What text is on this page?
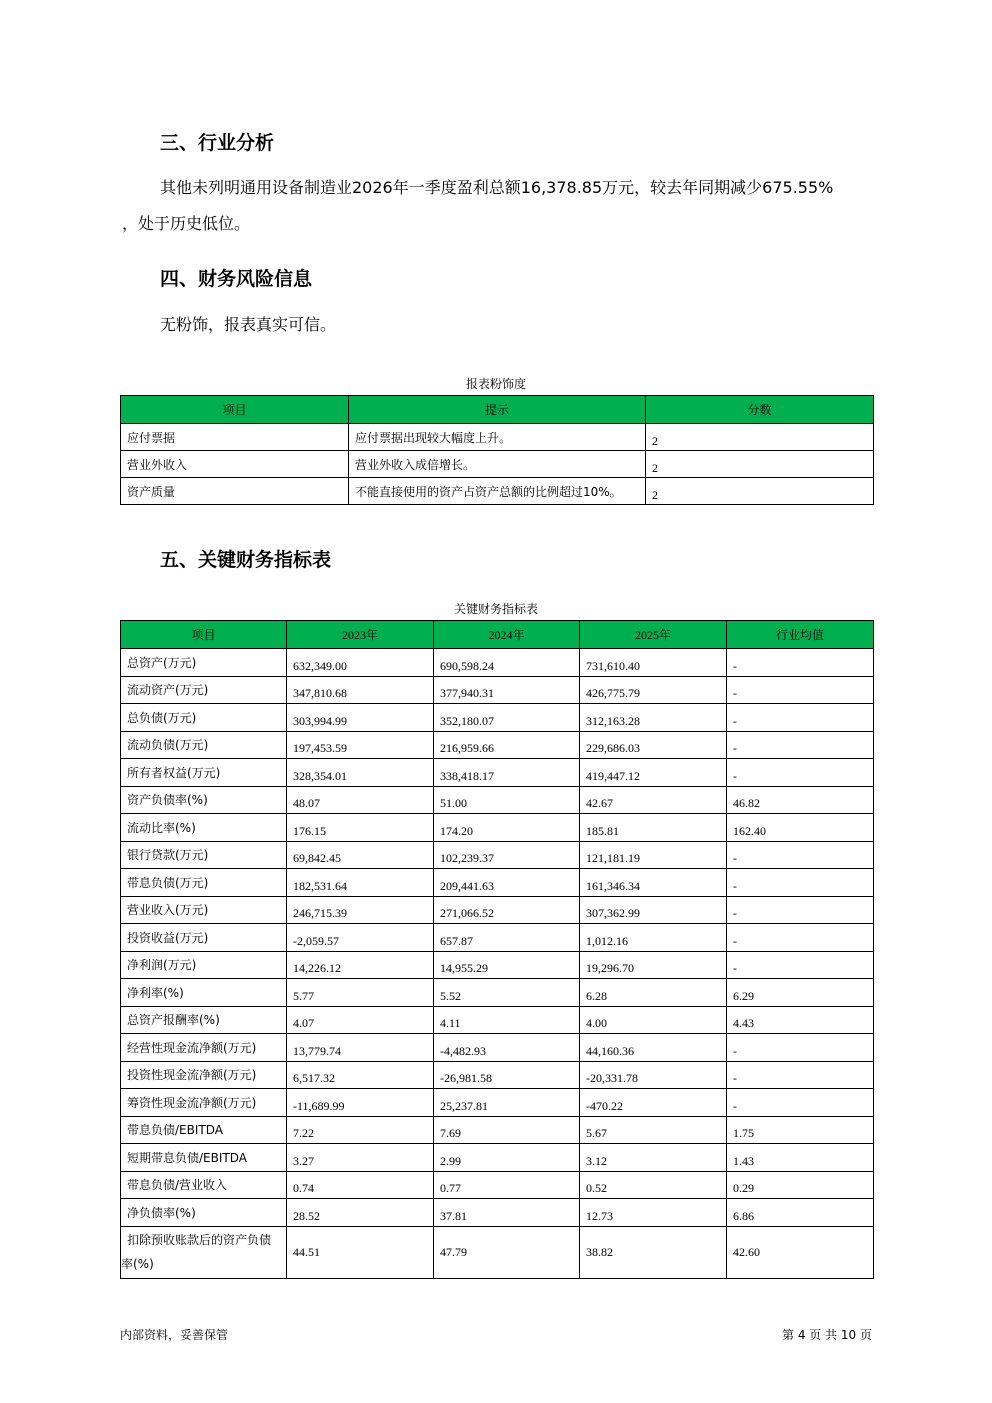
三、行业分析
其他未列明通用设备制造业2026年一季度盈利总额16,378.85万元，较去年同期减少675.55%
，处于历史低位。
四、财务风险信息
无粉饰，报表真实可信。
报表粉饰度
项目	提示	分数
应付票据	应付票据出现较大幅度上升。	2
营业外收入	营业外收入成倍增长。	2
资产质量	不能直接使用的资产占资产总额的比例超过10%。	2
五、关键财务指标表
关键财务指标表
项目	2023年	2024年	2025年	行业均值
总资产(万元)	632,349.00	690,598.24	731,610.40	-
流动资产(万元)	347,810.68	377,940.31	426,775.79	-
总负债(万元)	303,994.99	352,180.07	312,163.28	-
流动负债(万元)	197,453.59	216,959.66	229,686.03	-
所有者权益(万元)	328,354.01	338,418.17	419,447.12	-
资产负债率(%)	48.07	51.00	42.67	46.82
流动比率(%)	176.15	174.20	185.81	162.40
银行贷款(万元)	69,842.45	102,239.37	121,181.19	-
带息负债(万元)	182,531.64	209,441.63	161,346.34	-
营业收入(万元)	246,715.39	271,066.52	307,362.99	-
投资收益(万元)	-2,059.57	657.87	1,012.16	-
净利润(万元)	14,226.12	14,955.29	19,296.70	-
净利率(%)	5.77	5.52	6.28	6.29
总资产报酬率(%)	4.07	4.11	4.00	4.43
经营性现金流净额(万元)	13,779.74	-4,482.93	44,160.36	-
投资性现金流净额(万元)	6,517.32	-26,981.58	-20,331.78	-
筹资性现金流净额(万元)	-11,689.99	25,237.81	-470.22	-
带息负债/EBITDA	7.22	7.69	5.67	1.75
短期带息负债/EBITDA	3.27	2.99	3.12	1.43
带息负债/营业收入	0.74	0.77	0.52	0.29
净负债率(%)	28.52	37.81	12.73	6.86

扣除预收账款后的资产负债
率(%)	44.51	47.79	38.82	42.60
内部资料，妥善保管	第 4 页 共 10 页
